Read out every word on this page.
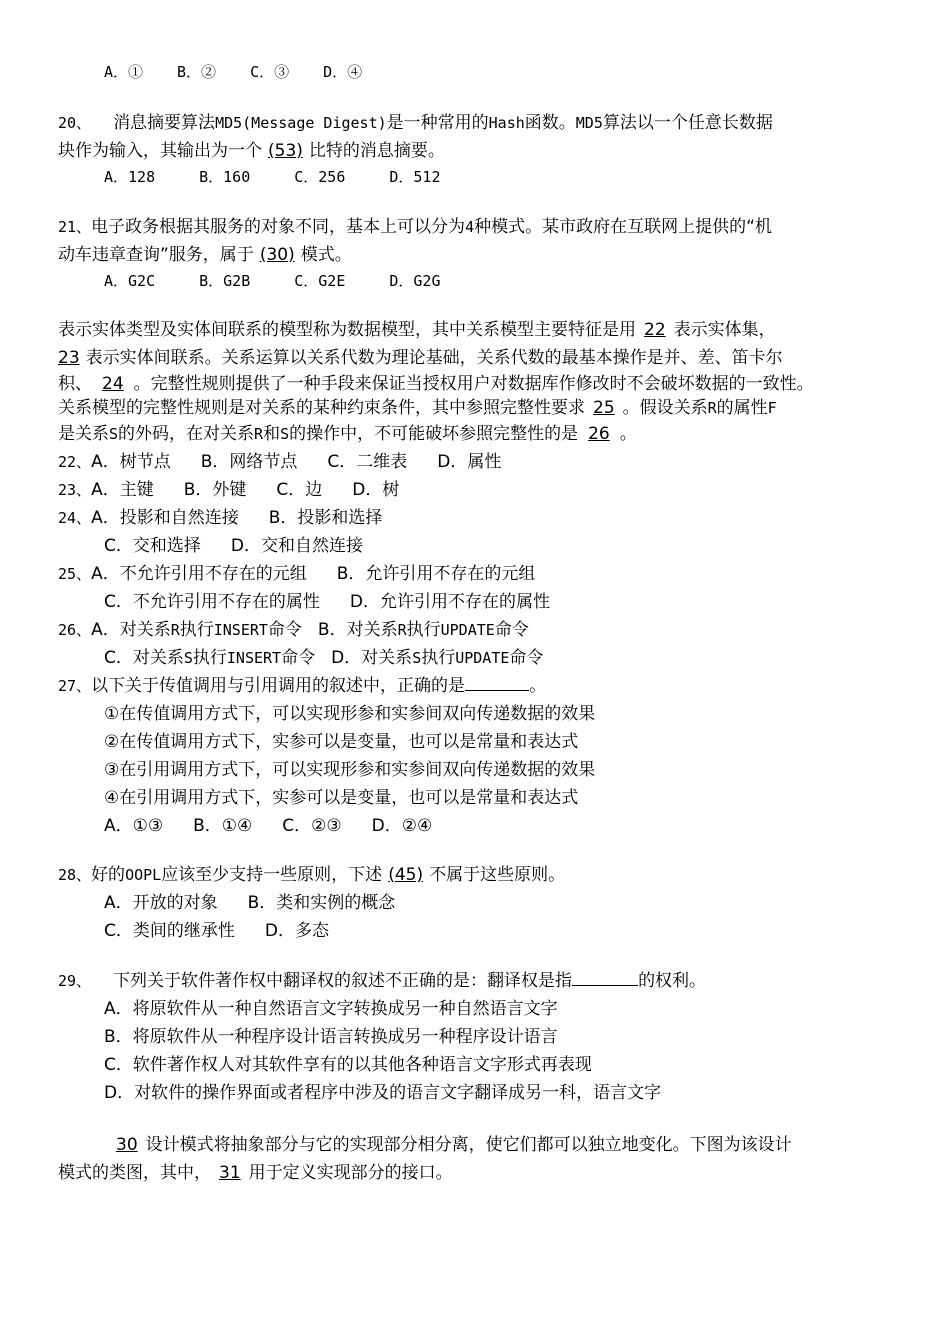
A．① B．② C．③ D．④
20、 消息摘要算法MD5(Message Digest)是一种常用的Hash函数。MD5算法以一个任意长数据
块作为输入，其输出为一个 (53) 比特的消息摘要。
A．128	B．160	C．256	D．512
21、电子政务根据其服务的对象不同，基本上可以分为4种模式。某市政府在互联网上提供的“机
动车违章查询”服务，属于 (30) 模式。
A．G2C	B．G2B	C．G2E	D．G2G
表示实体类型及实体间联系的模型称为数据模型，其中关系模型主要特征是用 22 表示实体集，
23 表示实体间联系。关系运算以关系代数为理论基础，关系代数的最基本操作是并、差、笛卡尔
积、 24 。完整性规则提供了一种手段来保证当授权用户对数据库作修改时不会破坏数据的一致性。
关系模型的完整性规则是对关系的某种约束条件，其中参照完整性要求 25 。假设关系R的属性F
是关系S的外码，在对关系R和S的操作中，不可能破坏参照完整性的是 26 。
22、A．树节点 B．网络节点 C．二维表 D．属性
23、A．主键 B．外键 C．边 D．树
24、A．投影和自然连接 B．投影和选择
C．交和选择 D．交和自然连接
25、A．不允许引用不存在的元组 B．允许引用不存在的元组
C．不允许引用不存在的属性 D．允许引用不存在的属性
26、A．对关系R执行INSERT命令 B．对关系R执行UPDATE命令
C．对关系S执行INSERT命令 D．对关系S执行UPDATE命令
27、以下关于传值调用与引用调用的叙述中，正确的是	。
①在传值调用方式下，可以实现形参和实参间双向传递数据的效果
②在传值调用方式下，实参可以是变量，也可以是常量和表达式
③在引用调用方式下，可以实现形参和实参间双向传递数据的效果
④在引用调用方式下，实参可以是变量，也可以是常量和表达式
A．①③ B．①④ C．②③ D．②④
28、好的OOPL应该至少支持一些原则，下述 (45) 不属于这些原则。
A．开放的对象 B．类和实例的概念
C．类间的继承性 D．多态
29、 下列关于软件著作权中翻译权的叙述不正确的是：翻译权是指	的权利。
A．将原软件从一种自然语言文字转换成另一种自然语言文字
B．将原软件从一种程序设计语言转换成另一种程序设计语言
C．软件著作权人对其软件享有的以其他各种语言文字形式再表现
D．对软件的操作界面或者程序中涉及的语言文字翻译成另一科，语言文字
30 设计模式将抽象部分与它的实现部分相分离，使它们都可以独立地变化。下图为该设计
模式的类图，其中， 31 用于定义实现部分的接口。
